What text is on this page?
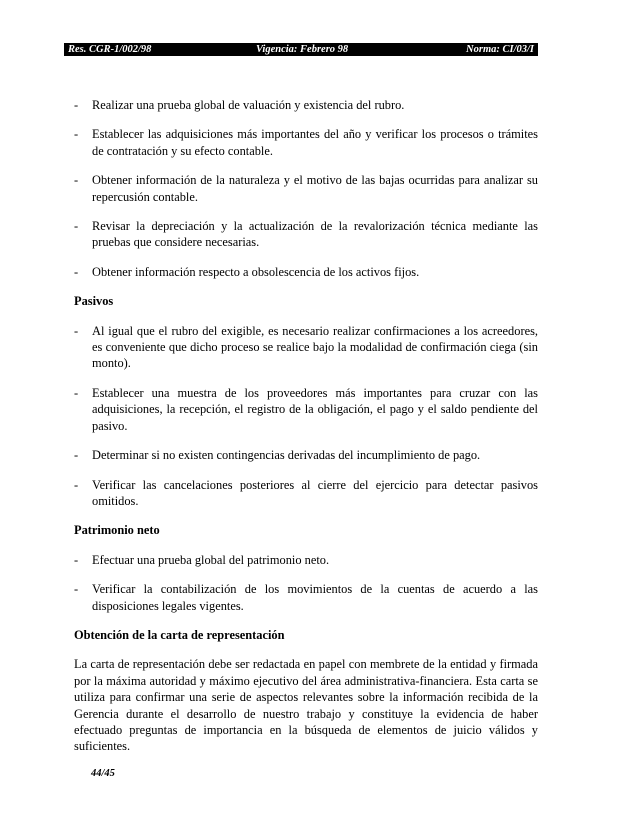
Res. CGR-1/002/98	Vigencia: Febrero 98	Norma: CI/03/I
-	Realizar una prueba global de valuación y existencia del rubro.
-	Establecer las adquisiciones más importantes del año y verificar los procesos o trámites de contratación y su efecto contable.
-	Obtener información de la naturaleza y el motivo de las bajas ocurridas para analizar su repercusión contable.
-	Revisar la depreciación y la actualización de la revalorización técnica mediante las pruebas que considere necesarias.
-	Obtener información respecto a obsolescencia de los activos fijos.
Pasivos
-	Al igual que el rubro del exigible, es necesario realizar confirmaciones a los acreedores, es conveniente que dicho proceso se realice bajo la modalidad de confirmación ciega (sin monto).
-	Establecer una muestra de los proveedores más importantes para cruzar con las adquisiciones, la recepción, el registro de la obligación, el pago y el saldo pendiente del pasivo.
-	Determinar si no existen contingencias derivadas del incumplimiento de pago.
-	Verificar las cancelaciones posteriores al cierre del ejercicio para detectar pasivos omitidos.
Patrimonio neto
-	Efectuar una prueba global del patrimonio neto.
-	Verificar la contabilización de los movimientos de la cuentas de acuerdo a las disposiciones legales vigentes.
Obtención de la carta de representación

La carta de representación debe ser redactada en papel con membrete de la entidad y firmada por la máxima autoridad y máximo ejecutivo del área administrativa-financiera. Esta carta se utiliza para confirmar una serie de aspectos relevantes sobre la información recibida de la Gerencia durante el desarrollo de nuestro trabajo y constituye la evidencia de haber efectuado preguntas de importancia en la búsqueda de elementos de juicio válidos y suficientes.

44/45
